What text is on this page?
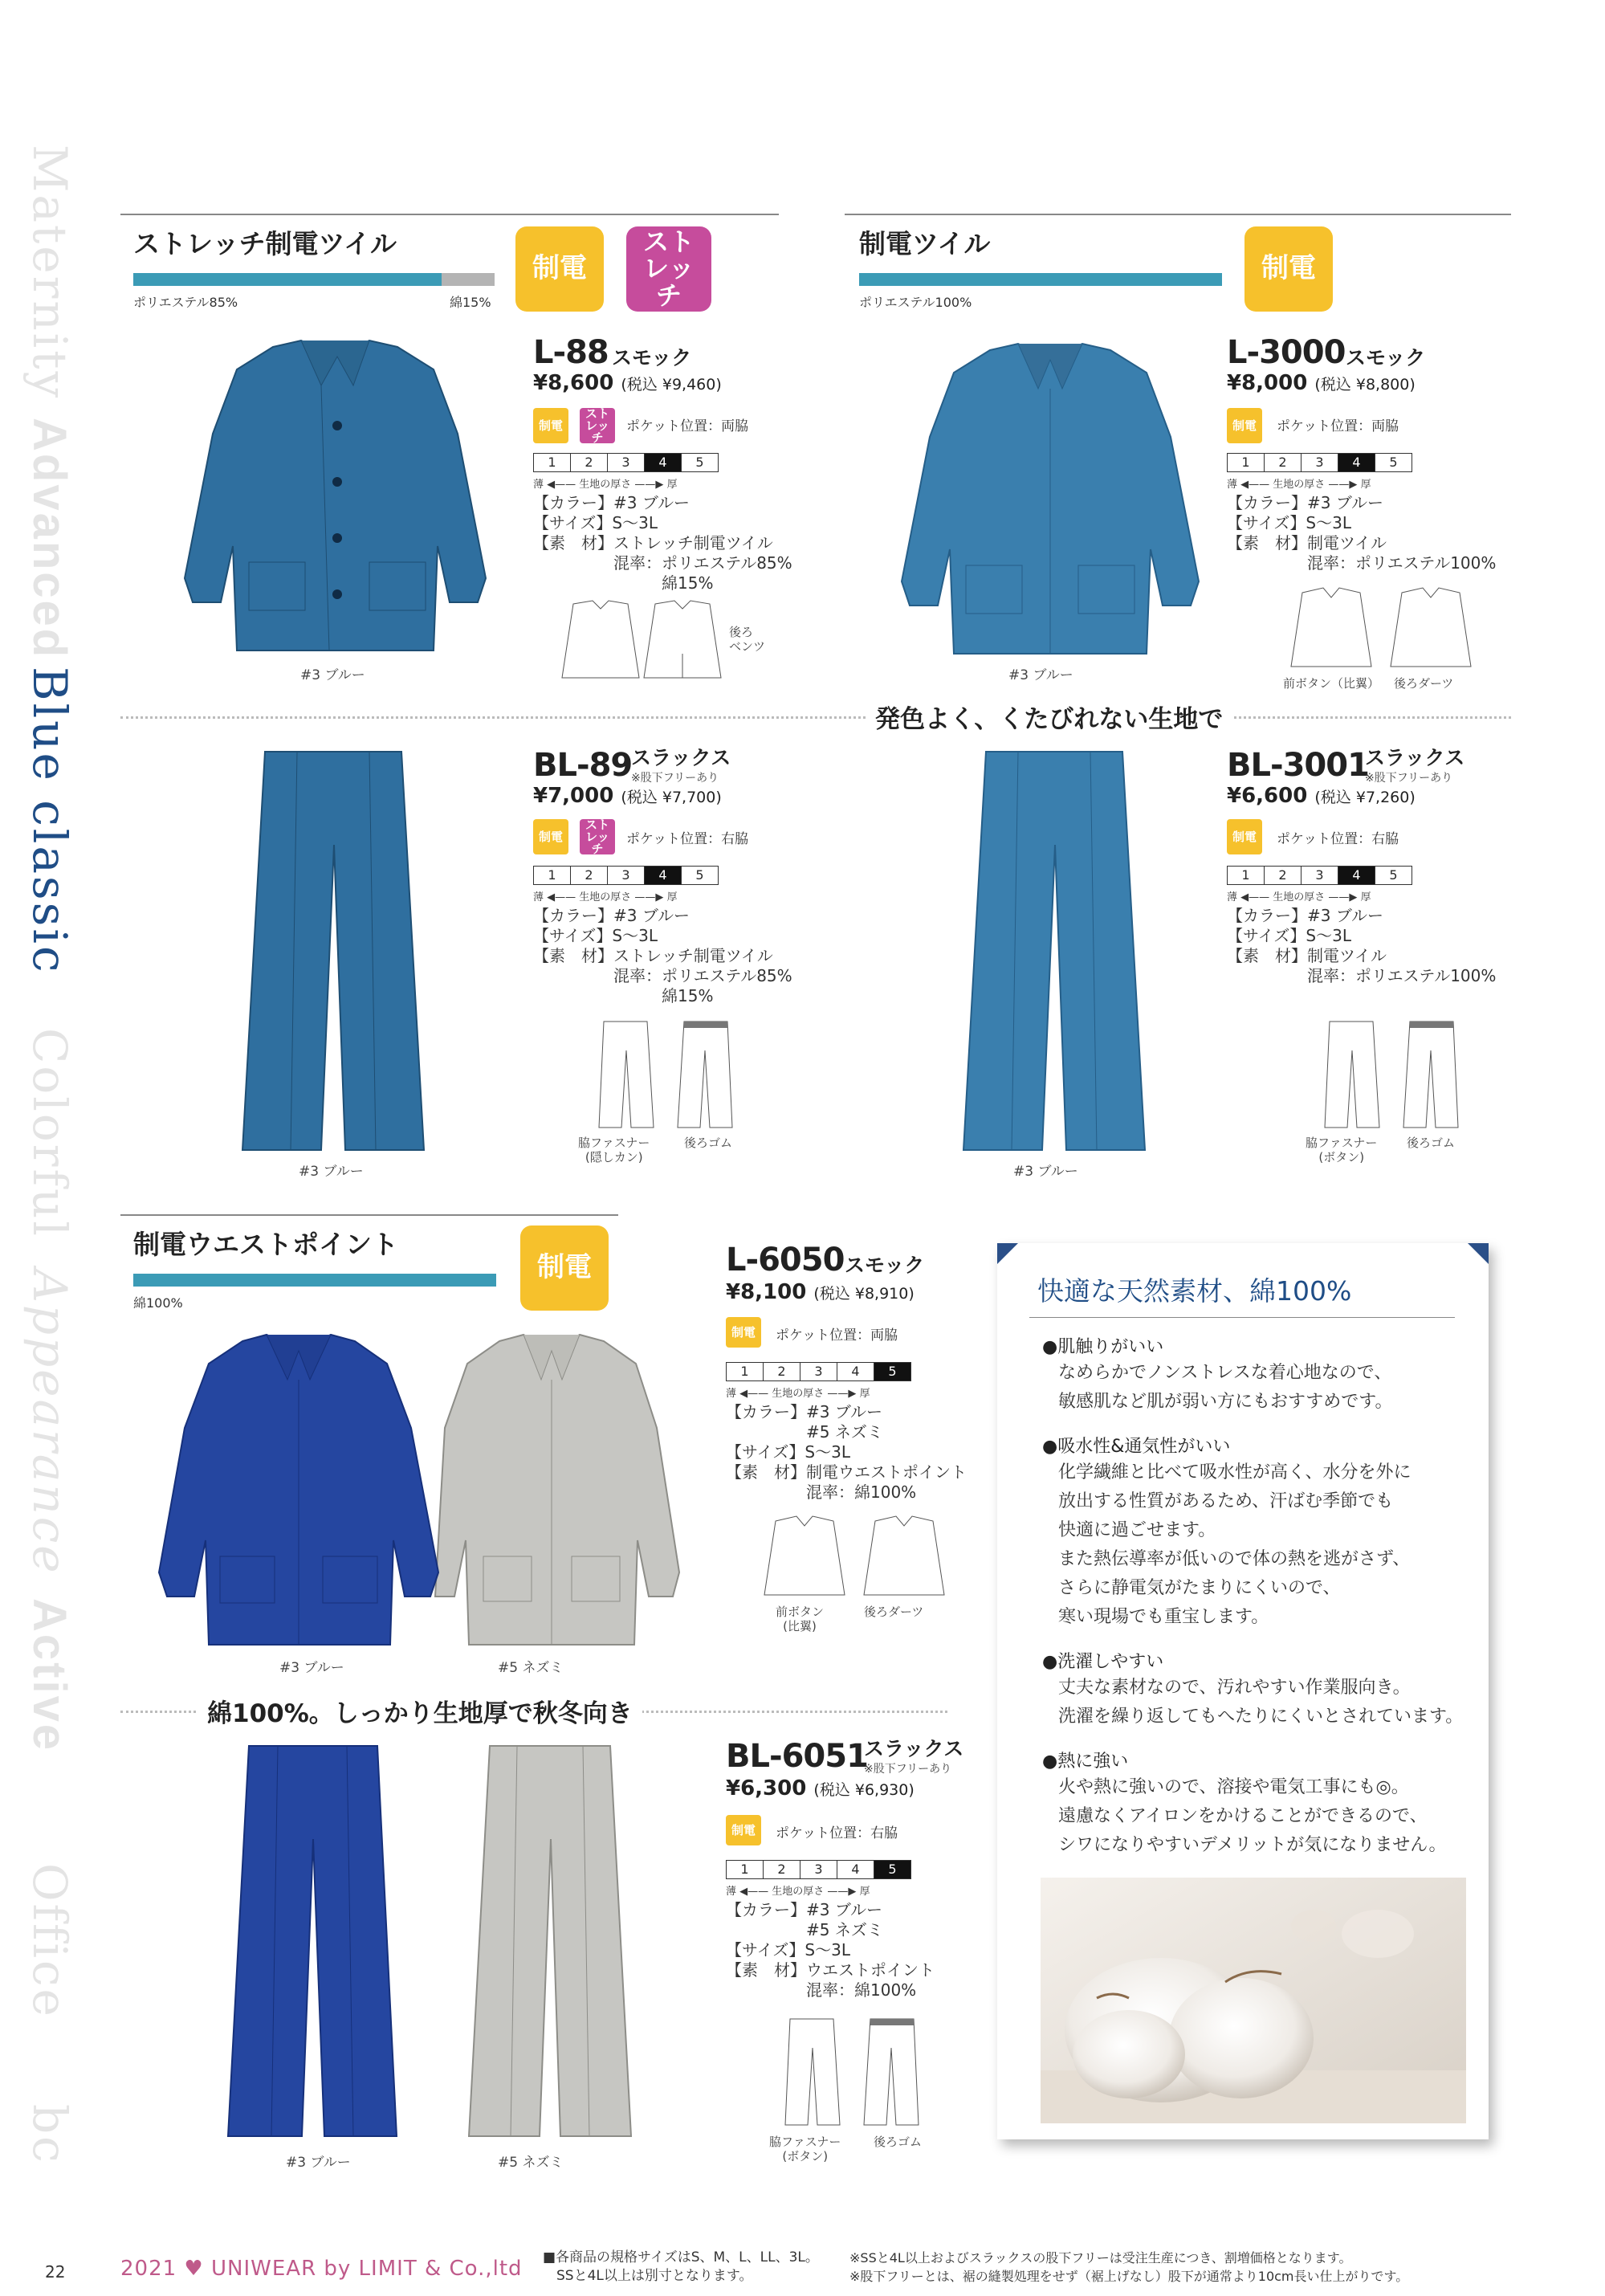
Maternity
Advanced
Blue classic
Colorful
Appearance
Active
Office
bc
ストレッチ制電ツイル
ポリエステル85%	綿15%
制電
ストレッチ
制電ツイル
ポリエステル100%
制電
#3 ブルー
L-88 スモック
¥8,600 (税込 ¥9,460)
制電
ストレッチ
ポケット位置：両脇
1	2	3	4	5
薄 ◀—— 生地の厚さ ——▶ 厚
【カラー】#3 ブルー
【サイズ】S～3L
【素　材】ストレッチ制電ツイル
　　　　　混率：ポリエステル85%
　　　　　　　　綿15%
後ろ
ベンツ
#3 ブルー
L-3000 スモック
¥8,000 (税込 ¥8,800)
制電	ポケット位置：両脇
1	2	3	4	5
薄 ◀—— 生地の厚さ ——▶ 厚
【カラー】#3 ブルー
【サイズ】S～3L
【素　材】制電ツイル
　　　　　混率：ポリエステル100%
前ボタン（比翼） 後ろダーツ
発色よく、くたびれない生地で
#3 ブルー
BL-89
スラックス
※股下フリーあり
¥7,000 (税込 ¥7,700)
制電
ストレッチ
ポケット位置：右脇
1	2	3	4	5
薄 ◀—— 生地の厚さ ——▶ 厚
【カラー】#3 ブルー
【サイズ】S～3L
【素　材】ストレッチ制電ツイル
　　　　　混率：ポリエステル85%
　　　　　　　　綿15%
脇ファスナー
(隠しカン)
後ろゴム
#3 ブルー
BL-3001
スラックス
※股下フリーあり
¥6,600 (税込 ¥7,260)
制電	ポケット位置：右脇
1	2	3	4	5
薄 ◀—— 生地の厚さ ——▶ 厚
【カラー】#3 ブルー
【サイズ】S～3L
【素　材】制電ツイル
　　　　　混率：ポリエステル100%
脇ファスナー
(ボタン)
後ろゴム
制電ウエストポイント
綿100%
制電
#3 ブルー	#5 ネズミ
L-6050 スモック
¥8,100 (税込 ¥8,910)
制電	ポケット位置：両脇
1	2	3	4	5
薄 ◀—— 生地の厚さ ——▶ 厚
【カラー】#3 ブルー
　　　　　#5 ネズミ
【サイズ】S～3L
【素　材】制電ウエストポイント
　　　　　混率：綿100%
前ボタン
(比翼)
後ろダーツ
綿100%。しっかり生地厚で秋冬向き
#3 ブルー	#5 ネズミ
BL-6051
スラックス
※股下フリーあり
¥6,300 (税込 ¥6,930)
制電	ポケット位置：右脇
1	2	3	4	5
薄 ◀—— 生地の厚さ ——▶ 厚
【カラー】#3 ブルー
　　　　　#5 ネズミ
【サイズ】S～3L
【素　材】ウエストポイント
　　　　　混率：綿100%
脇ファスナー
(ボタン)
後ろゴム
快適な天然素材、綿100%
●肌触りがいい
なめらかでノンストレスな着心地なので、
敏感肌など肌が弱い方にもおすすめです。
●吸水性&通気性がいい
化学繊維と比べて吸水性が高く、水分を外に
放出する性質があるため、汗ばむ季節でも
快適に過ごせます。
また熱伝導率が低いので体の熱を逃がさず、
さらに静電気がたまりにくいので、
寒い現場でも重宝します。
●洗濯しやすい
丈夫な素材なので、汚れやすい作業服向き。
洗濯を繰り返してもへたりにくいとされています。
●熱に強い
火や熱に強いので、溶接や電気工事にも◎。
遠慮なくアイロンをかけることができるので、
シワになりやすいデメリットが気になりません。
22	2021 ♥ UNIWEAR by LIMIT & Co.,ltd ■各商品の規格サイズはS、M、L、LL、3L。
　SSと4L以上は別寸となります。
※SSと4L以上およびスラックスの股下フリーは受注生産につき、割増価格となります。
※股下フリーとは、裾の縫製処理をせず（裾上げなし）股下が通常より10cm長い仕上がりです。
